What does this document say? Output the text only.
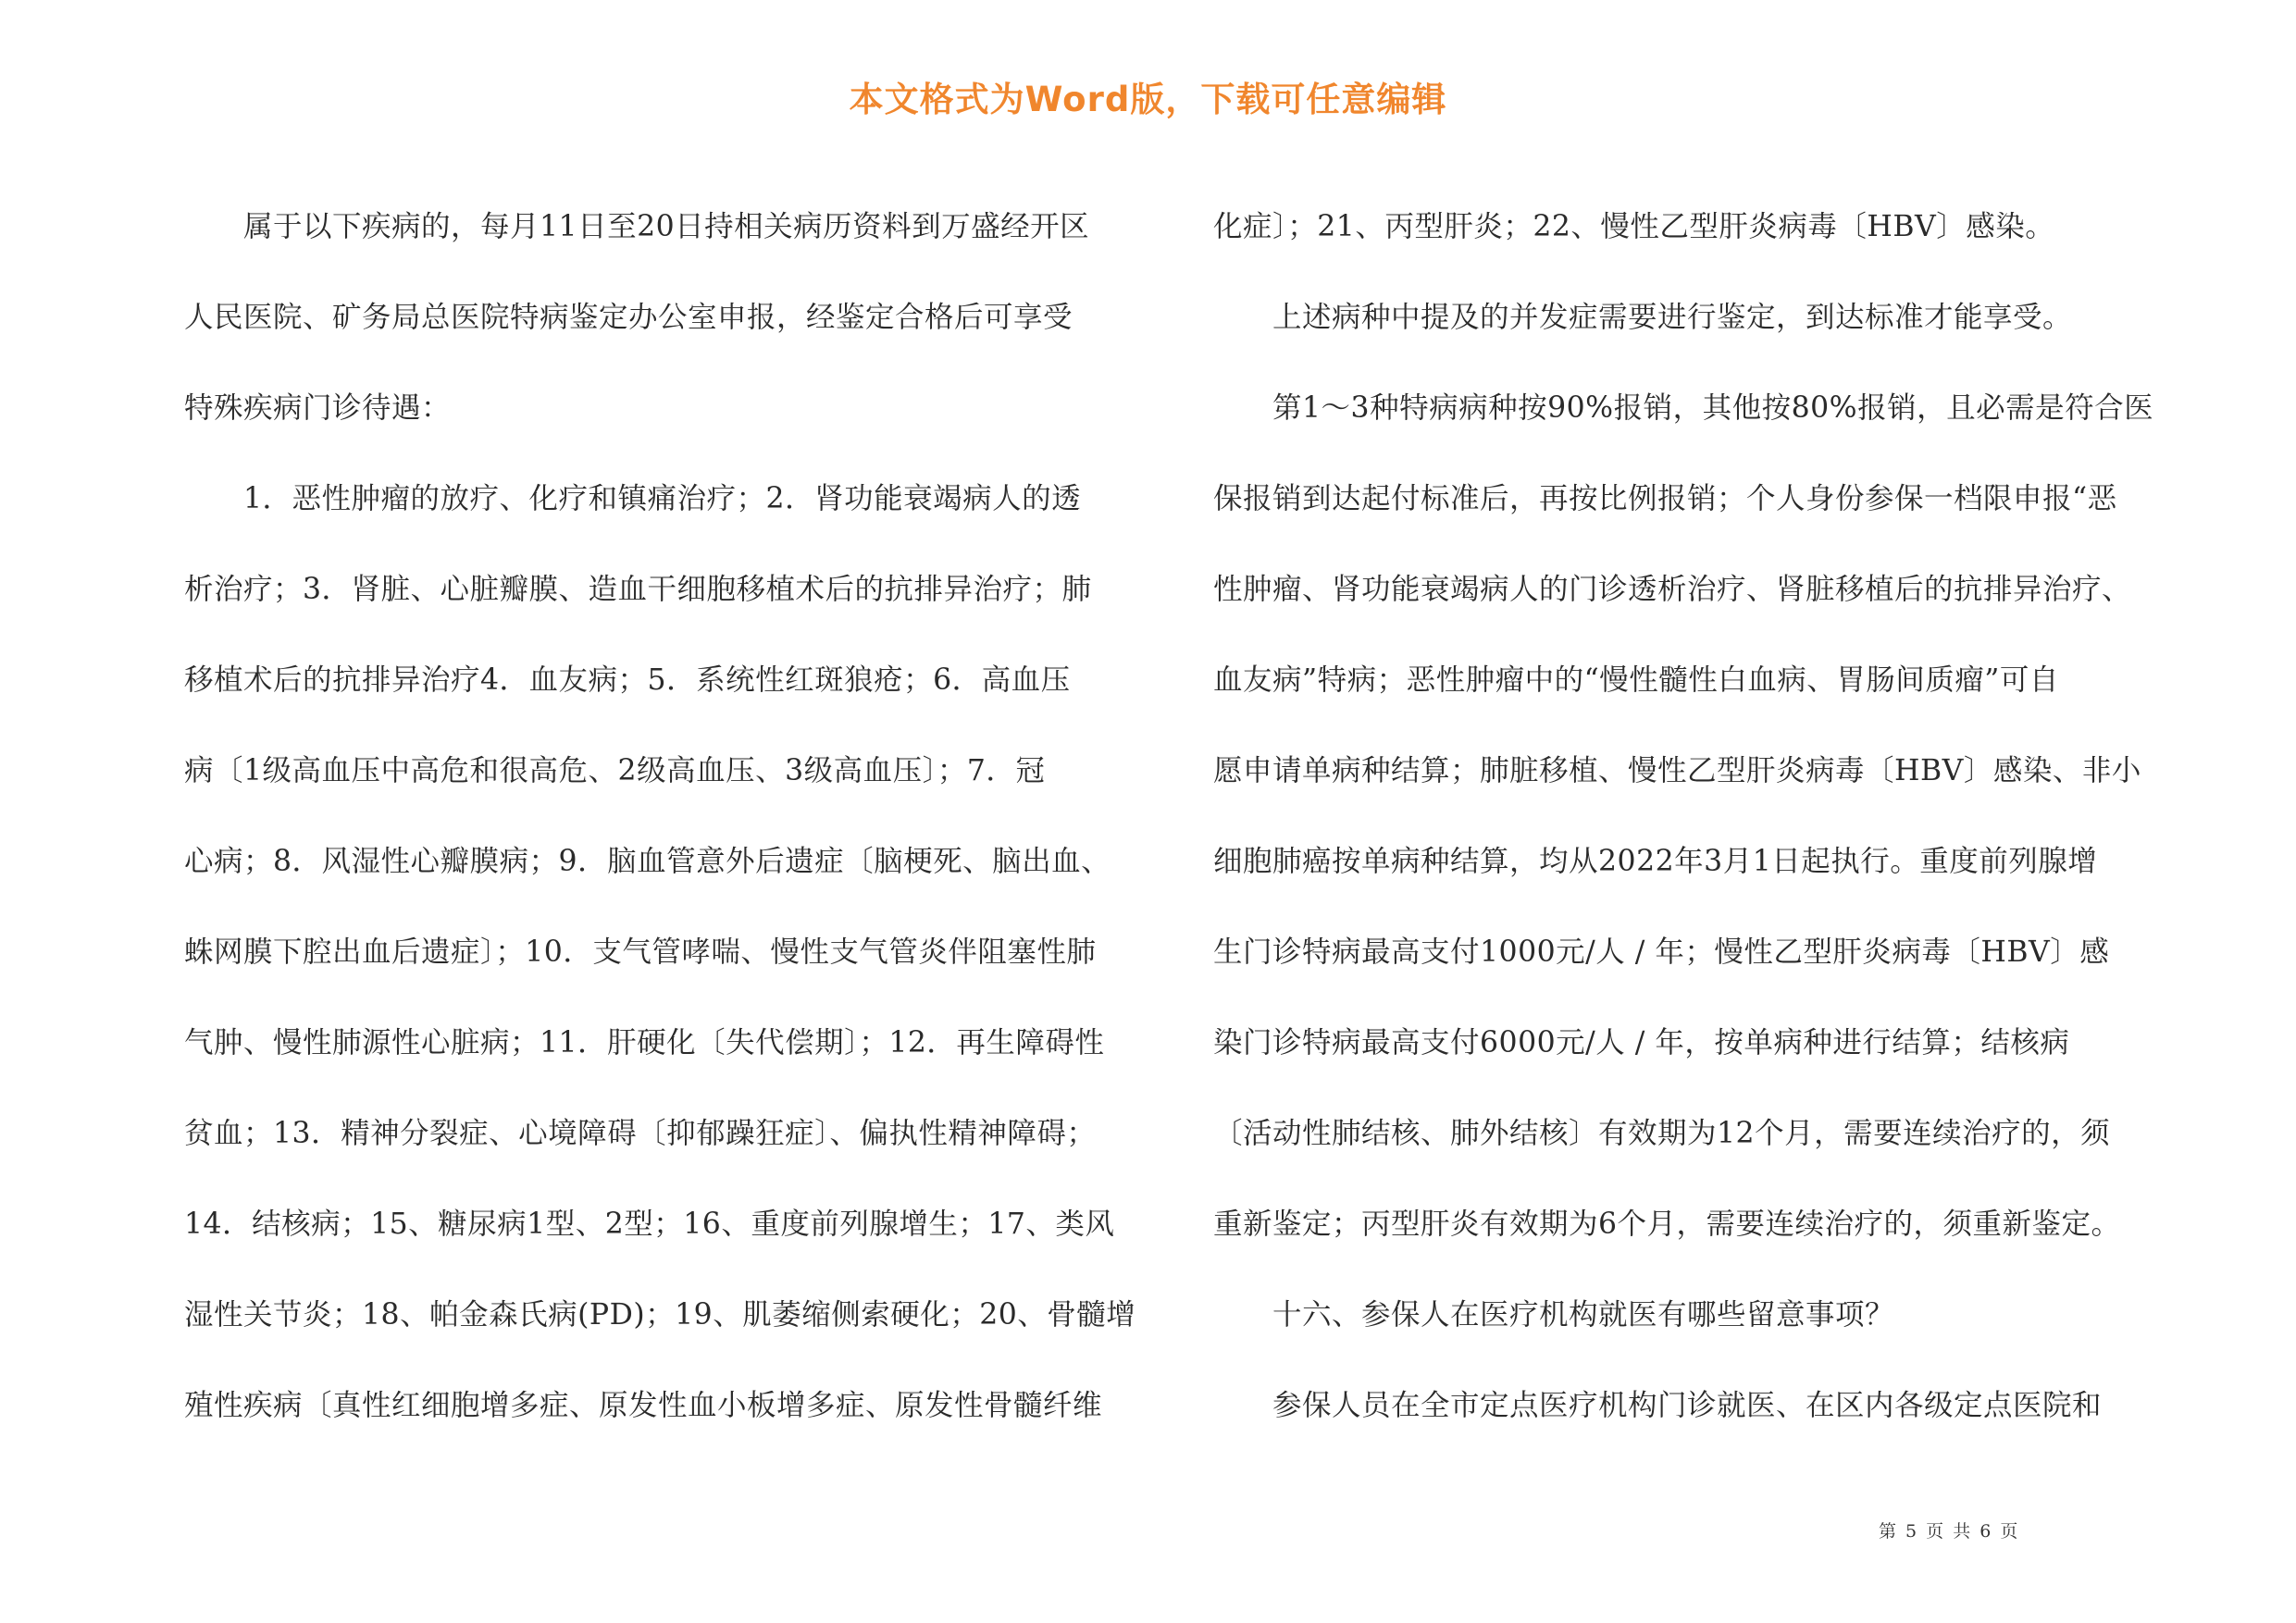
本文格式为Word版，下载可任意编辑
　　属于以下疾病的，每月11日至20日持相关病历资料到万盛经开区
人民医院、矿务局总医院特病鉴定办公室申报，经鉴定合格后可享受
特殊疾病门诊待遇：
　　1．恶性肿瘤的放疗、化疗和镇痛治疗；2．肾功能衰竭病人的透
析治疗；3．肾脏、心脏瓣膜、造血干细胞移植术后的抗排异治疗；肺
移植术后的抗排异治疗4．血友病；5．系统性红斑狼疮；6．高血压
病〔1级高血压中高危和很高危、2级高血压、3级高血压〕；7．冠
心病；8．风湿性心瓣膜病；9．脑血管意外后遗症〔脑梗死、脑出血、
蛛网膜下腔出血后遗症〕；10．支气管哮喘、慢性支气管炎伴阻塞性肺
气肿、慢性肺源性心脏病；11．肝硬化〔失代偿期〕；12．再生障碍性
贫血；13．精神分裂症、心境障碍〔抑郁躁狂症〕、偏执性精神障碍；
14．结核病；15、糖尿病1型、2型；16、重度前列腺增生；17、类风
湿性关节炎；18、帕金森氏病(PD)；19、肌萎缩侧索硬化；20、骨髓增
殖性疾病〔真性红细胞增多症、原发性血小板增多症、原发性骨髓纤维
化症〕；21、丙型肝炎；22、慢性乙型肝炎病毒〔HBV〕感染。
　　上述病种中提及的并发症需要进行鉴定，到达标准才能享受。
　　第1～3种特病病种按90%报销，其他按80%报销，且必需是符合医
保报销到达起付标准后，再按比例报销；个人身份参保一档限申报“恶
性肿瘤、肾功能衰竭病人的门诊透析治疗、肾脏移植后的抗排异治疗、
血友病”特病；恶性肿瘤中的“慢性髓性白血病、胃肠间质瘤”可自
愿申请单病种结算；肺脏移植、慢性乙型肝炎病毒〔HBV〕感染、非小
细胞肺癌按单病种结算，均从2022年3月1日起执行。重度前列腺增
生门诊特病最高支付1000元/人 / 年；慢性乙型肝炎病毒〔HBV〕感
染门诊特病最高支付6000元/人 / 年，按单病种进行结算；结核病
〔活动性肺结核、肺外结核〕有效期为12个月，需要连续治疗的，须
重新鉴定；丙型肝炎有效期为6个月，需要连续治疗的，须重新鉴定。
　　十六、参保人在医疗机构就医有哪些留意事项？
　　参保人员在全市定点医疗机构门诊就医、在区内各级定点医院和
第 5 页 共 6 页
